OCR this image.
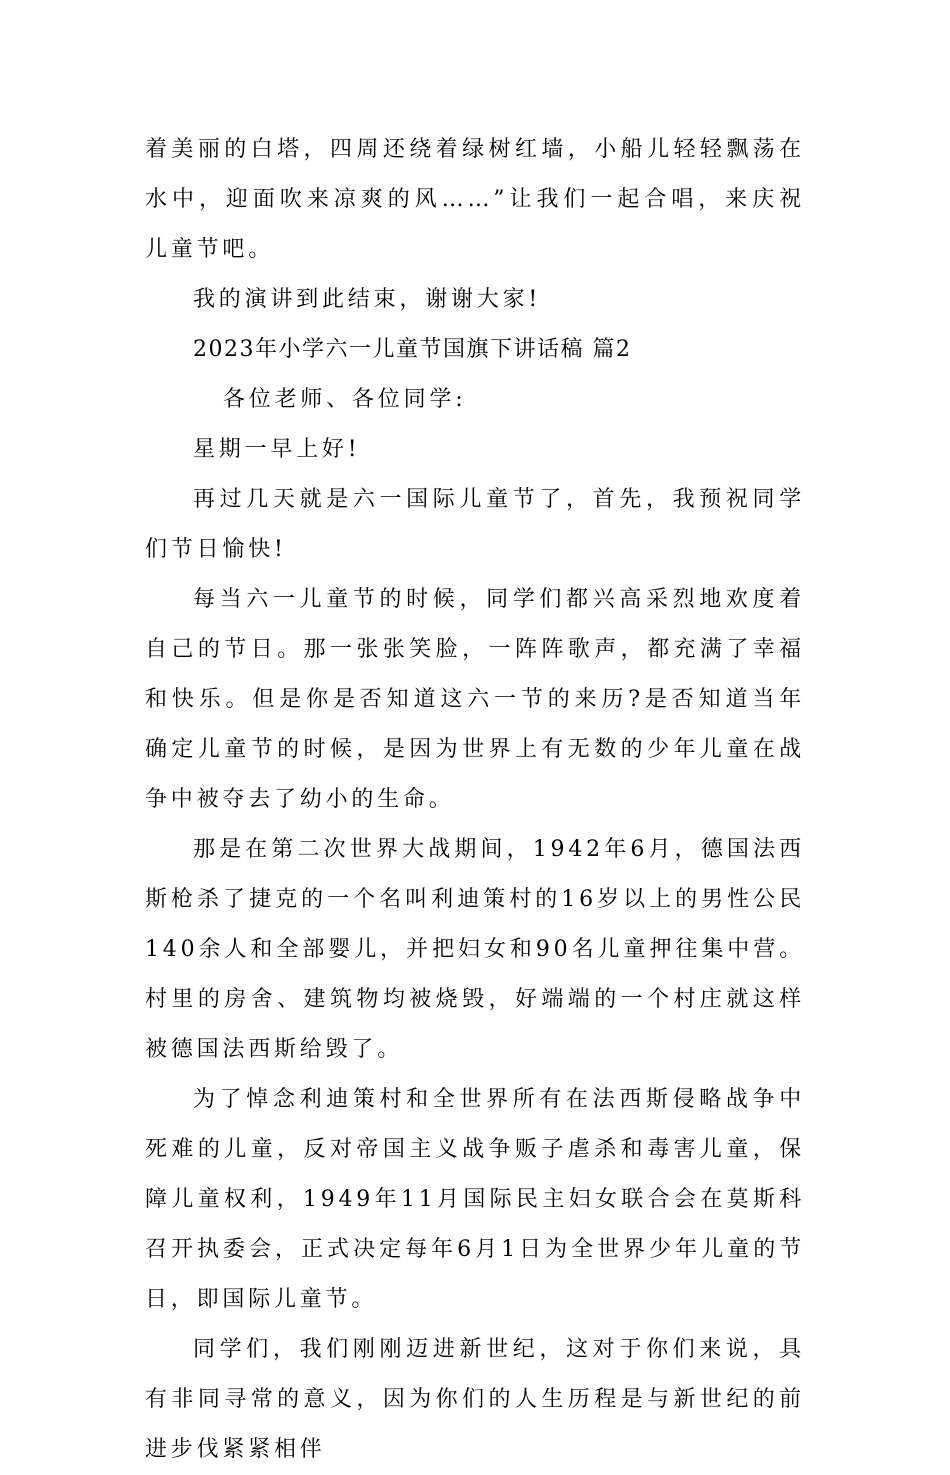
着美丽的白塔，四周还绕着绿树红墙，小船儿轻轻飘荡在水中，迎面吹来凉爽的风……”让我们一起合唱，来庆祝儿童节吧。

我的演讲到此结束，谢谢大家!

2023年小学六一儿童节国旗下讲话稿 篇2

各位老师、各位同学:

星期一早上好!

再过几天就是六一国际儿童节了，首先，我预祝同学们节日愉快!

每当六一儿童节的时候，同学们都兴高采烈地欢度着自己的节日。那一张张笑脸，一阵阵歌声，都充满了幸福和快乐。但是你是否知道这六一节的来历?是否知道当年确定儿童节的时候，是因为世界上有无数的少年儿童在战争中被夺去了幼小的生命。

那是在第二次世界大战期间，1942年6月，德国法西斯枪杀了捷克的一个名叫利迪策村的16岁以上的男性公民140余人和全部婴儿，并把妇女和90名儿童押往集中营。村里的房舍、建筑物均被烧毁，好端端的一个村庄就这样被德国法西斯给毁了。

为了悼念利迪策村和全世界所有在法西斯侵略战争中死难的儿童，反对帝国主义战争贩子虐杀和毒害儿童，保障儿童权利，1949年11月国际民主妇女联合会在莫斯科召开执委会，正式决定每年6月1日为全世界少年儿童的节日，即国际儿童节。

同学们，我们刚刚迈进新世纪，这对于你们来说，具有非同寻常的意义，因为你们的人生历程是与新世纪的前进步伐紧紧相伴
